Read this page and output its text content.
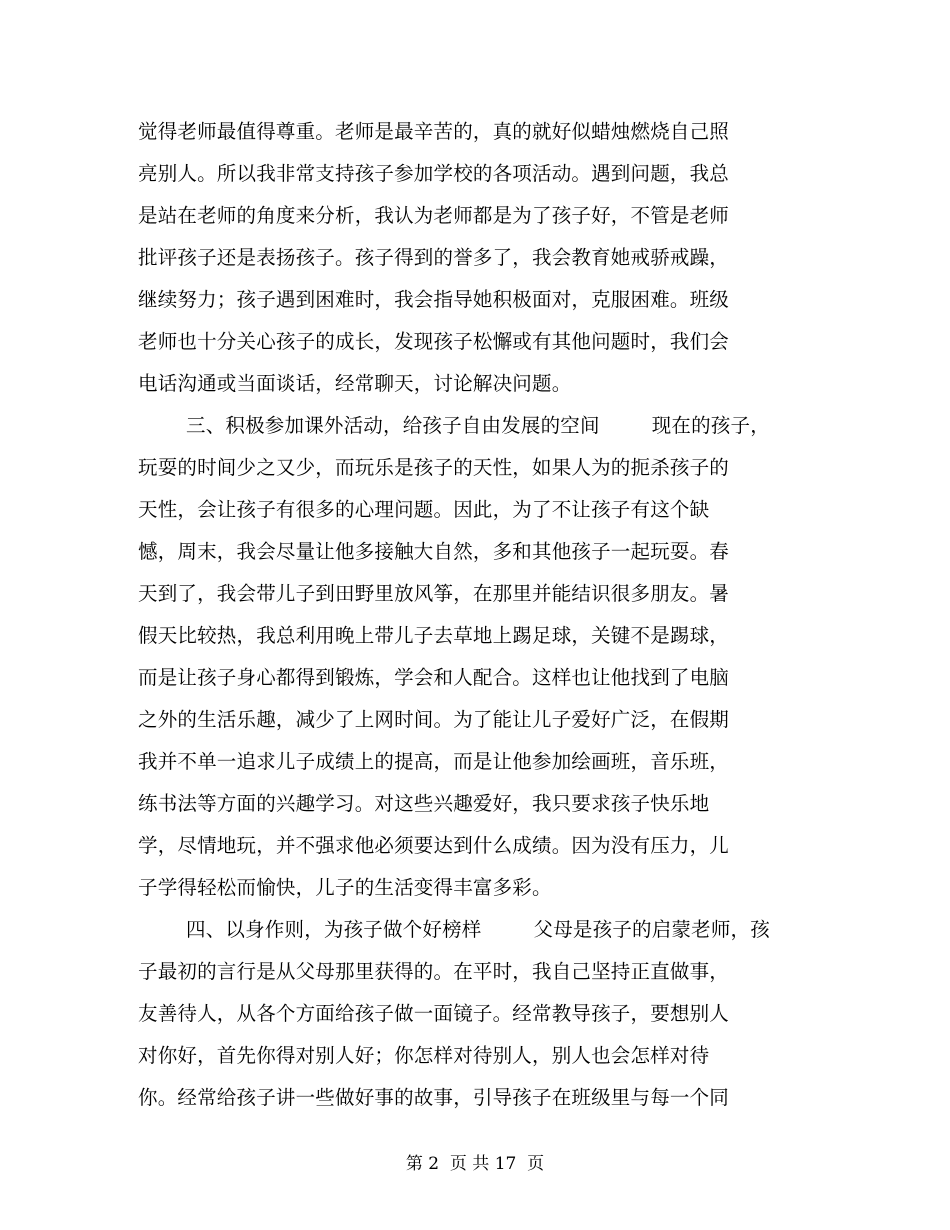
觉得老师最值得尊重。老师是最辛苦的，真的就好似蜡烛燃烧自己照
亮别人。所以我非常支持孩子参加学校的各项活动。遇到问题，我总
是站在老师的角度来分析，我认为老师都是为了孩子好，不管是老师
批评孩子还是表扬孩子。孩子得到的誉多了，我会教育她戒骄戒躁，
继续努力；孩子遇到困难时，我会指导她积极面对，克服困难。班级
老师也十分关心孩子的成长，发现孩子松懈或有其他问题时，我们会
电话沟通或当面谈话，经常聊天，讨论解决问题。
三、积极参加课外活动，给孩子自由发展的空间	现在的孩子，
玩耍的时间少之又少，而玩乐是孩子的天性，如果人为的扼杀孩子的
天性，会让孩子有很多的心理问题。因此，为了不让孩子有这个缺
憾，周末，我会尽量让他多接触大自然，多和其他孩子一起玩耍。春
天到了，我会带儿子到田野里放风筝，在那里并能结识很多朋友。暑
假天比较热，我总利用晚上带儿子去草地上踢足球，关键不是踢球，
而是让孩子身心都得到锻炼，学会和人配合。这样也让他找到了电脑
之外的生活乐趣，减少了上网时间。为了能让儿子爱好广泛，在假期
我并不单一追求儿子成绩上的提高，而是让他参加绘画班，音乐班，
练书法等方面的兴趣学习。对这些兴趣爱好，我只要求孩子快乐地
学，尽情地玩，并不强求他必须要达到什么成绩。因为没有压力，儿
子学得轻松而愉快，儿子的生活变得丰富多彩。
四、以身作则，为孩子做个好榜样	父母是孩子的启蒙老师，孩
子最初的言行是从父母那里获得的。在平时，我自己坚持正直做事，
友善待人，从各个方面给孩子做一面镜子。经常教导孩子，要想别人
对你好，首先你得对别人好；你怎样对待别人，别人也会怎样对待
你。经常给孩子讲一些做好事的故事，引导孩子在班级里与每一个同
第 2  页 共 17  页
